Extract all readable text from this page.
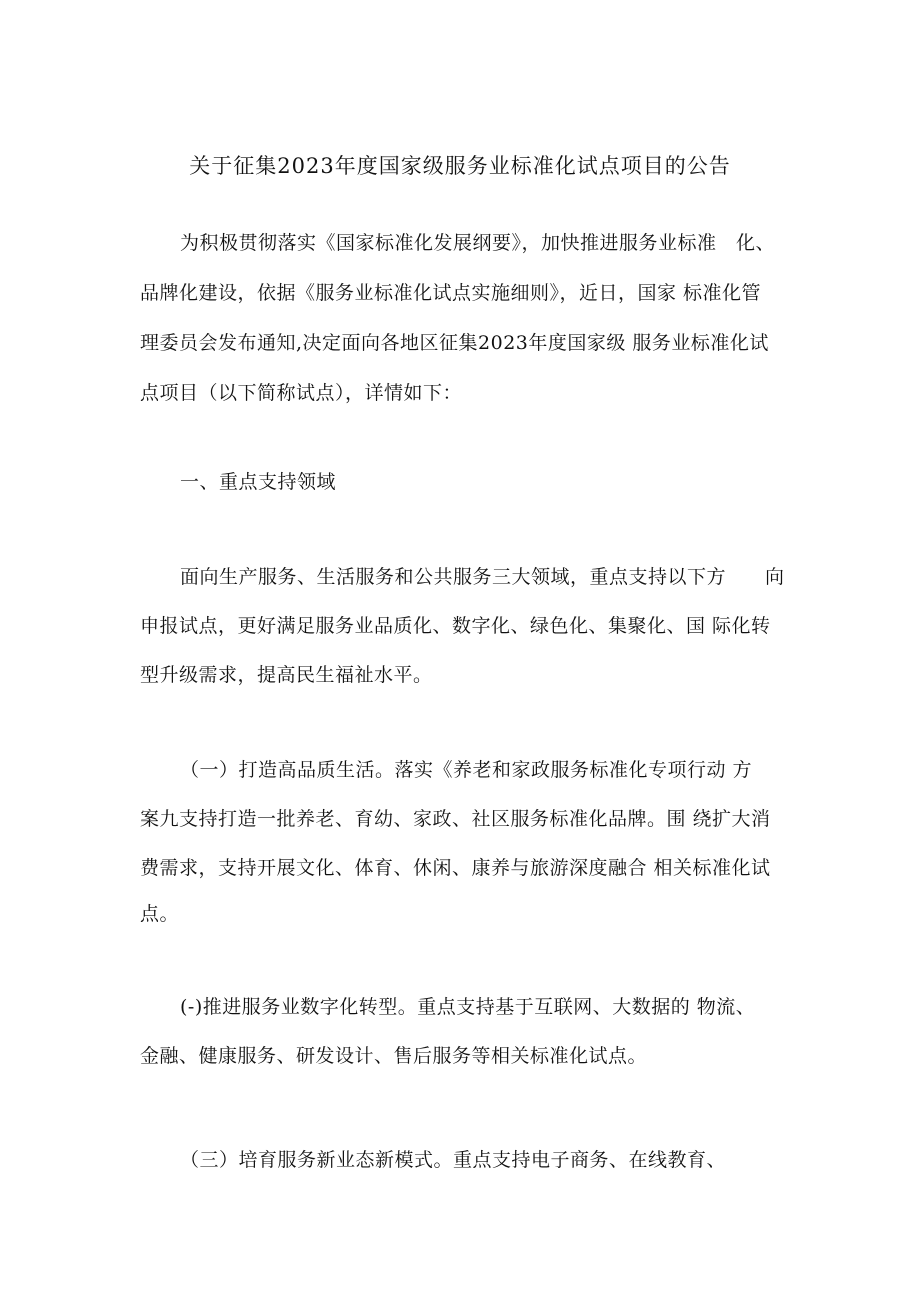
关于征集2023年度国家级服务业标准化试点项目的公告
为积极贯彻落实《国家标准化发展纲要》，加快推进服务业标准　化、
品牌化建设，依据《服务业标准化试点实施细则》，近日，国家 标准化管
理委员会发布通知,决定面向各地区征集2023年度国家级 服务业标准化试
点项目（以下简称试点），详情如下：
一、重点支持领域
面向生产服务、生活服务和公共服务三大领域，重点支持以下方　　向
申报试点，更好满足服务业品质化、数字化、绿色化、集聚化、国 际化转
型升级需求，提高民生福祉水平。
（一）打造高品质生活。落实《养老和家政服务标准化专项行动 方
案九支持打造一批养老、育幼、家政、社区服务标准化品牌。围 绕扩大消
费需求，支持开展文化、体育、休闲、康养与旅游深度融合 相关标准化试
点。
(-)推进服务业数字化转型。重点支持基于互联网、大数据的 物流、
金融、健康服务、研发设计、售后服务等相关标准化试点。
（三）培育服务新业态新模式。重点支持电子商务、在线教育、
